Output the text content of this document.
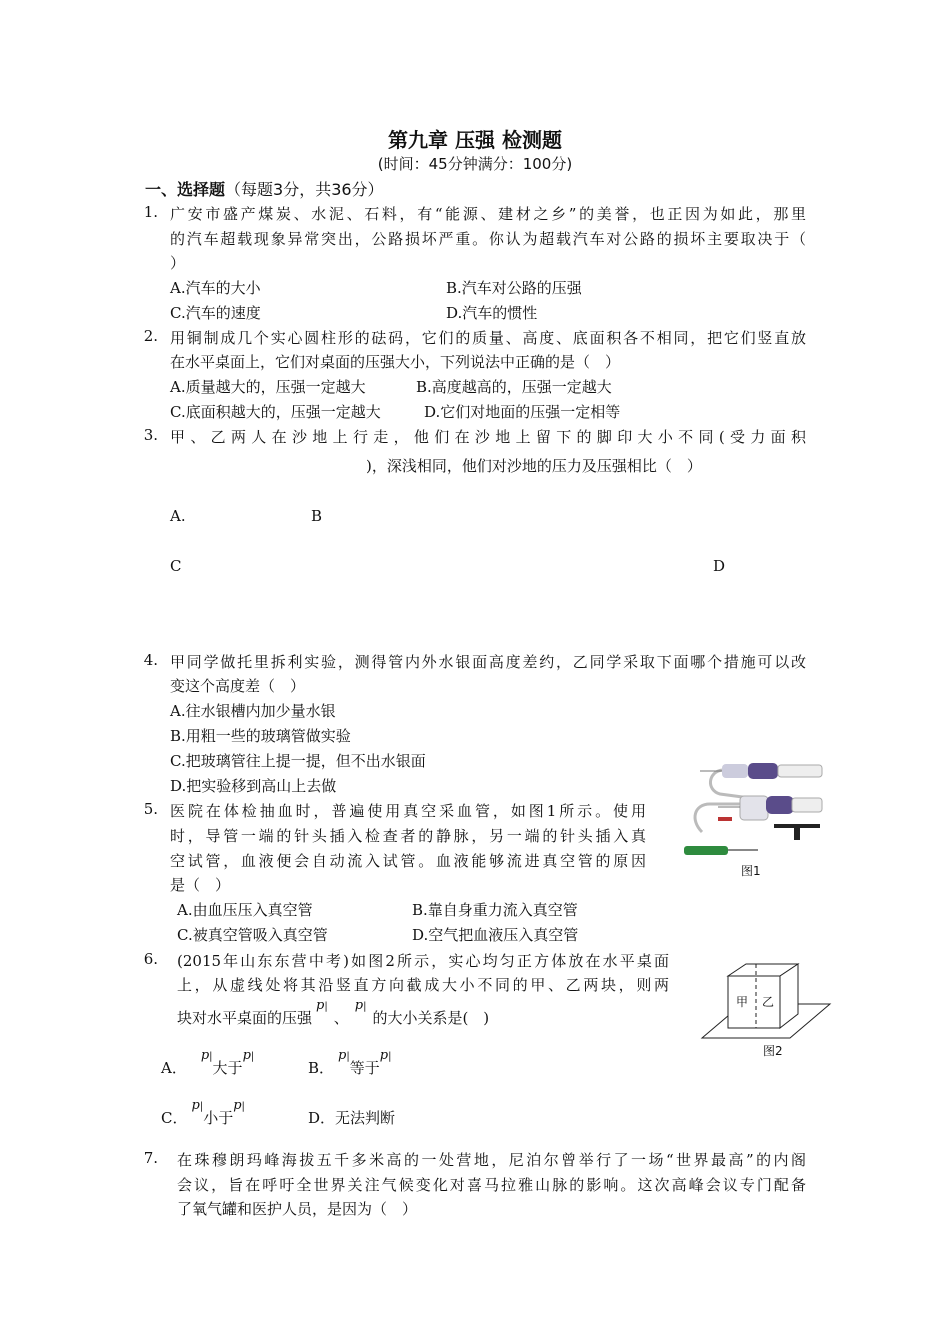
第九章 压强 检测题
(时间：45分钟满分：100分)
一、选择题（每题3分，共36分）
1. 广安市盛产煤炭、水泥、石料，有“能源、建材之乡”的美誉，也正因为如此，那里
的汽车超载现象异常突出，公路损坏严重。你认为超载汽车对公路的损坏主要取决于（
）
A.汽车的大小	B.汽车对公路的压强
C.汽车的速度	D.汽车的惯性
2. 用铜制成几个实心圆柱形的砝码，它们的质量、高度、底面积各不相同，把它们竖直放
在水平桌面上，它们对桌面的压强大小，下列说法中正确的是（　）
A.质量越大的，压强一定越大	B.高度越高的，压强一定越大
C.底面积越大的，压强一定越大	D.它们对地面的压强一定相等
3. 甲、乙两人在沙地上行走，他们在沙地上留下的脚印大小不同(受力面积
)，深浅相同，他们对沙地的压力及压强相比（　）
A.	B
C	D
4. 甲同学做托里拆利实验，测得管内外水银面高度差约，乙同学采取下面哪个措施可以改
变这个高度差（　）
A.往水银槽内加少量水银
B.用粗一些的玻璃管做实验
C.把玻璃管往上提一提，但不出水银面
D.把实验移到高山上去做
图1
5. 医院在体检抽血时，普遍使用真空采血管，如图1所示。使用
时，导管一端的针头插入检查者的静脉，另一端的针头插入真
空试管，血液便会自动流入试管。血液能够流进真空管的原因
是（　）
A.由血压压入真空管	B.靠自身重力流入真空管
C.被真空管吸入真空管	D.空气把血液压入真空管
6. (2015年山东东营中考)如图2所示，实心均匀正方体放在水平桌面
上，从虚线处将其沿竖直方向截成大小不同的甲、乙两块，则两
块对水平桌面的压强p|、p|的大小关系是(　)
A．p|大于p|
B．p|等于p|
C．p|小于p|
D．无法判断
甲 乙
图2
7. 在珠穆朗玛峰海拔五千多米高的一处营地，尼泊尔曾举行了一场“世界最高”的内阁
会议，旨在呼吁全世界关注气候变化对喜马拉雅山脉的影响。这次高峰会议专门配备
了氧气罐和医护人员，是因为（　）
